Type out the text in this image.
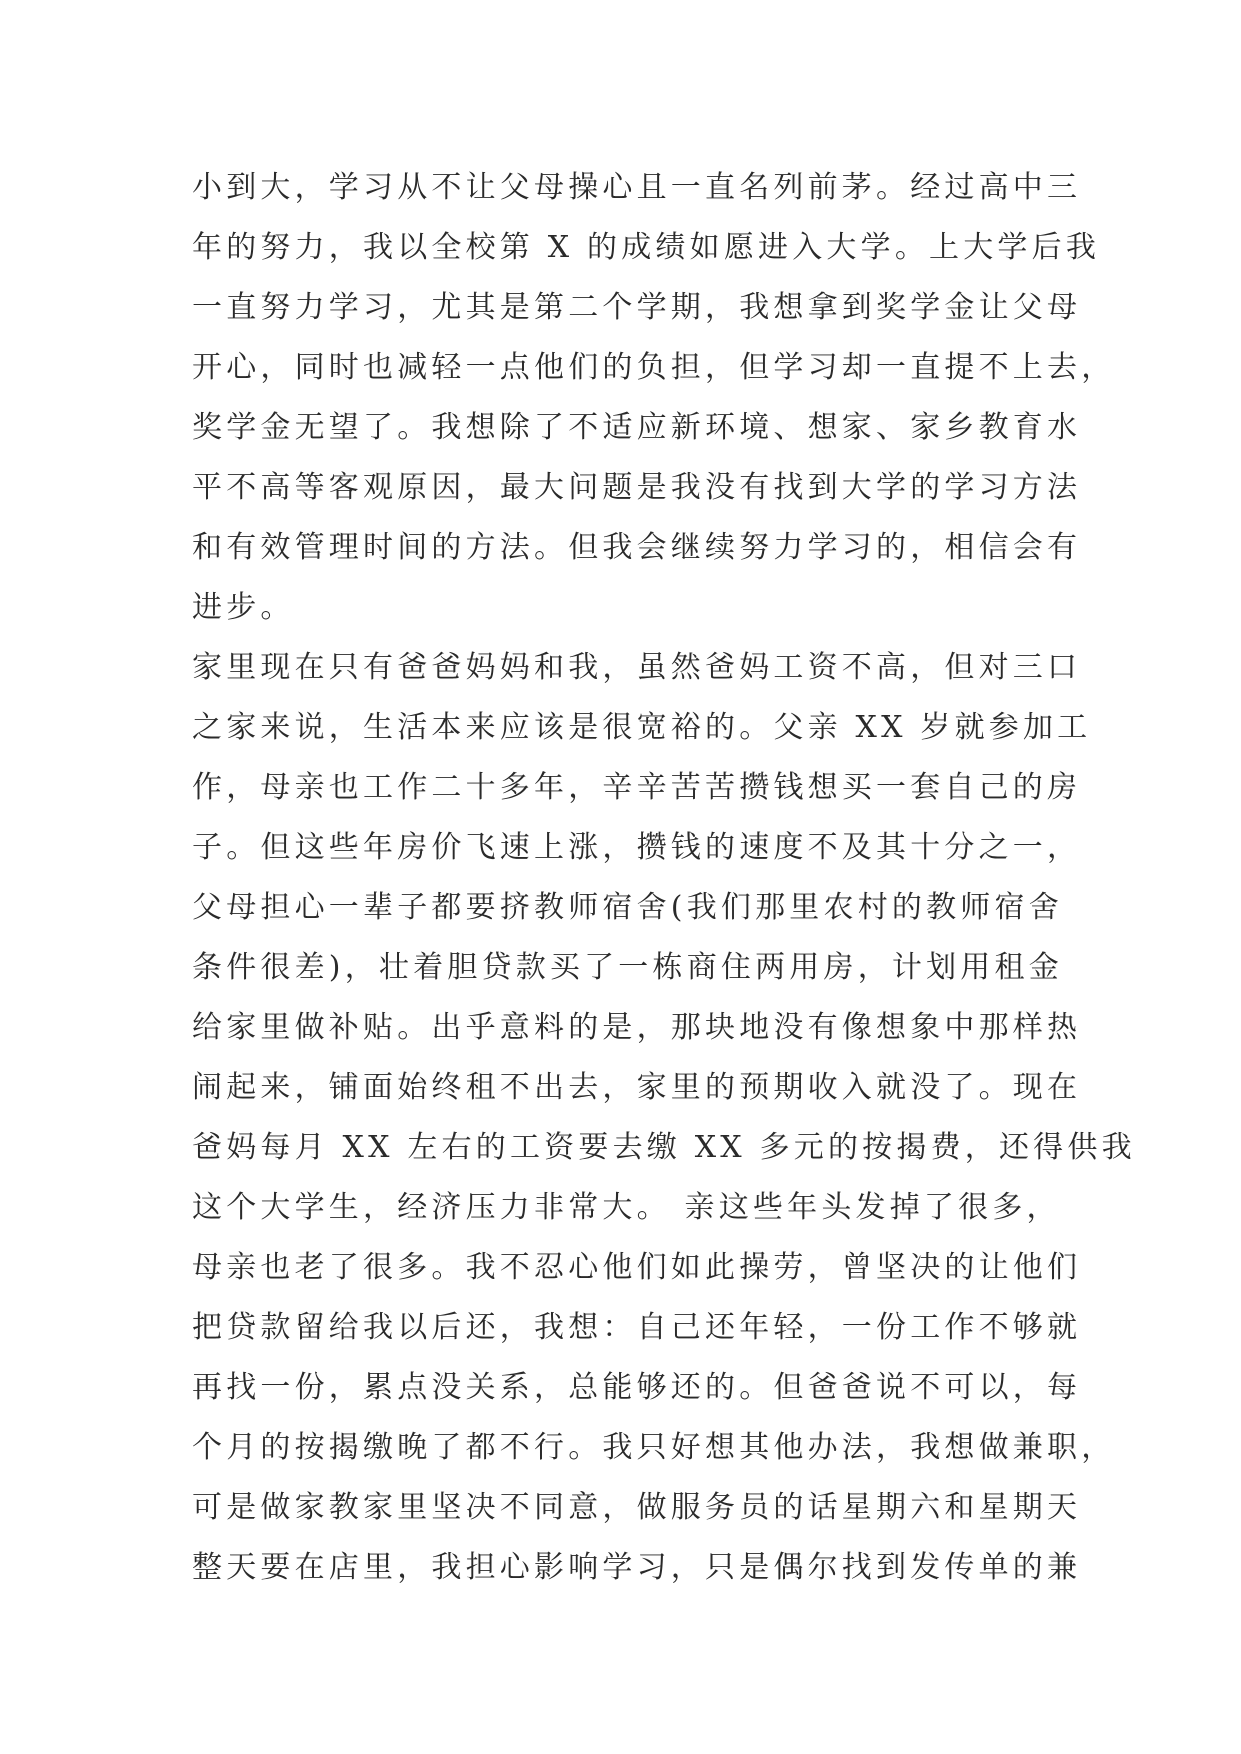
小到大，学习从不让父母操心且一直名列前茅。经过高中三
年的努力，我以全校第 X 的成绩如愿进入大学。上大学后我
一直努力学习，尤其是第二个学期，我想拿到奖学金让父母
开心，同时也减轻一点他们的负担，但学习却一直提不上去，
奖学金无望了。我想除了不适应新环境、想家、家乡教育水
平不高等客观原因，最大问题是我没有找到大学的学习方法
和有效管理时间的方法。但我会继续努力学习的，相信会有
进步。
家里现在只有爸爸妈妈和我，虽然爸妈工资不高，但对三口
之家来说，生活本来应该是很宽裕的。父亲 XX 岁就参加工
作，母亲也工作二十多年，辛辛苦苦攒钱想买一套自己的房
子。但这些年房价飞速上涨，攒钱的速度不及其十分之一，
父母担心一辈子都要挤教师宿舍(我们那里农村的教师宿舍
条件很差)，壮着胆贷款买了一栋商住两用房，计划用租金
给家里做补贴。出乎意料的是，那块地没有像想象中那样热
闹起来，铺面始终租不出去，家里的预期收入就没了。现在
爸妈每月 XX 左右的工资要去缴 XX 多元的按揭费，还得供我
这个大学生，经济压力非常大。 亲这些年头发掉了很多，
母亲也老了很多。我不忍心他们如此操劳，曾坚决的让他们
把贷款留给我以后还，我想：自己还年轻，一份工作不够就
再找一份，累点没关系，总能够还的。但爸爸说不可以，每
个月的按揭缴晚了都不行。我只好想其他办法，我想做兼职，
可是做家教家里坚决不同意，做服务员的话星期六和星期天
整天要在店里，我担心影响学习，只是偶尔找到发传单的兼
